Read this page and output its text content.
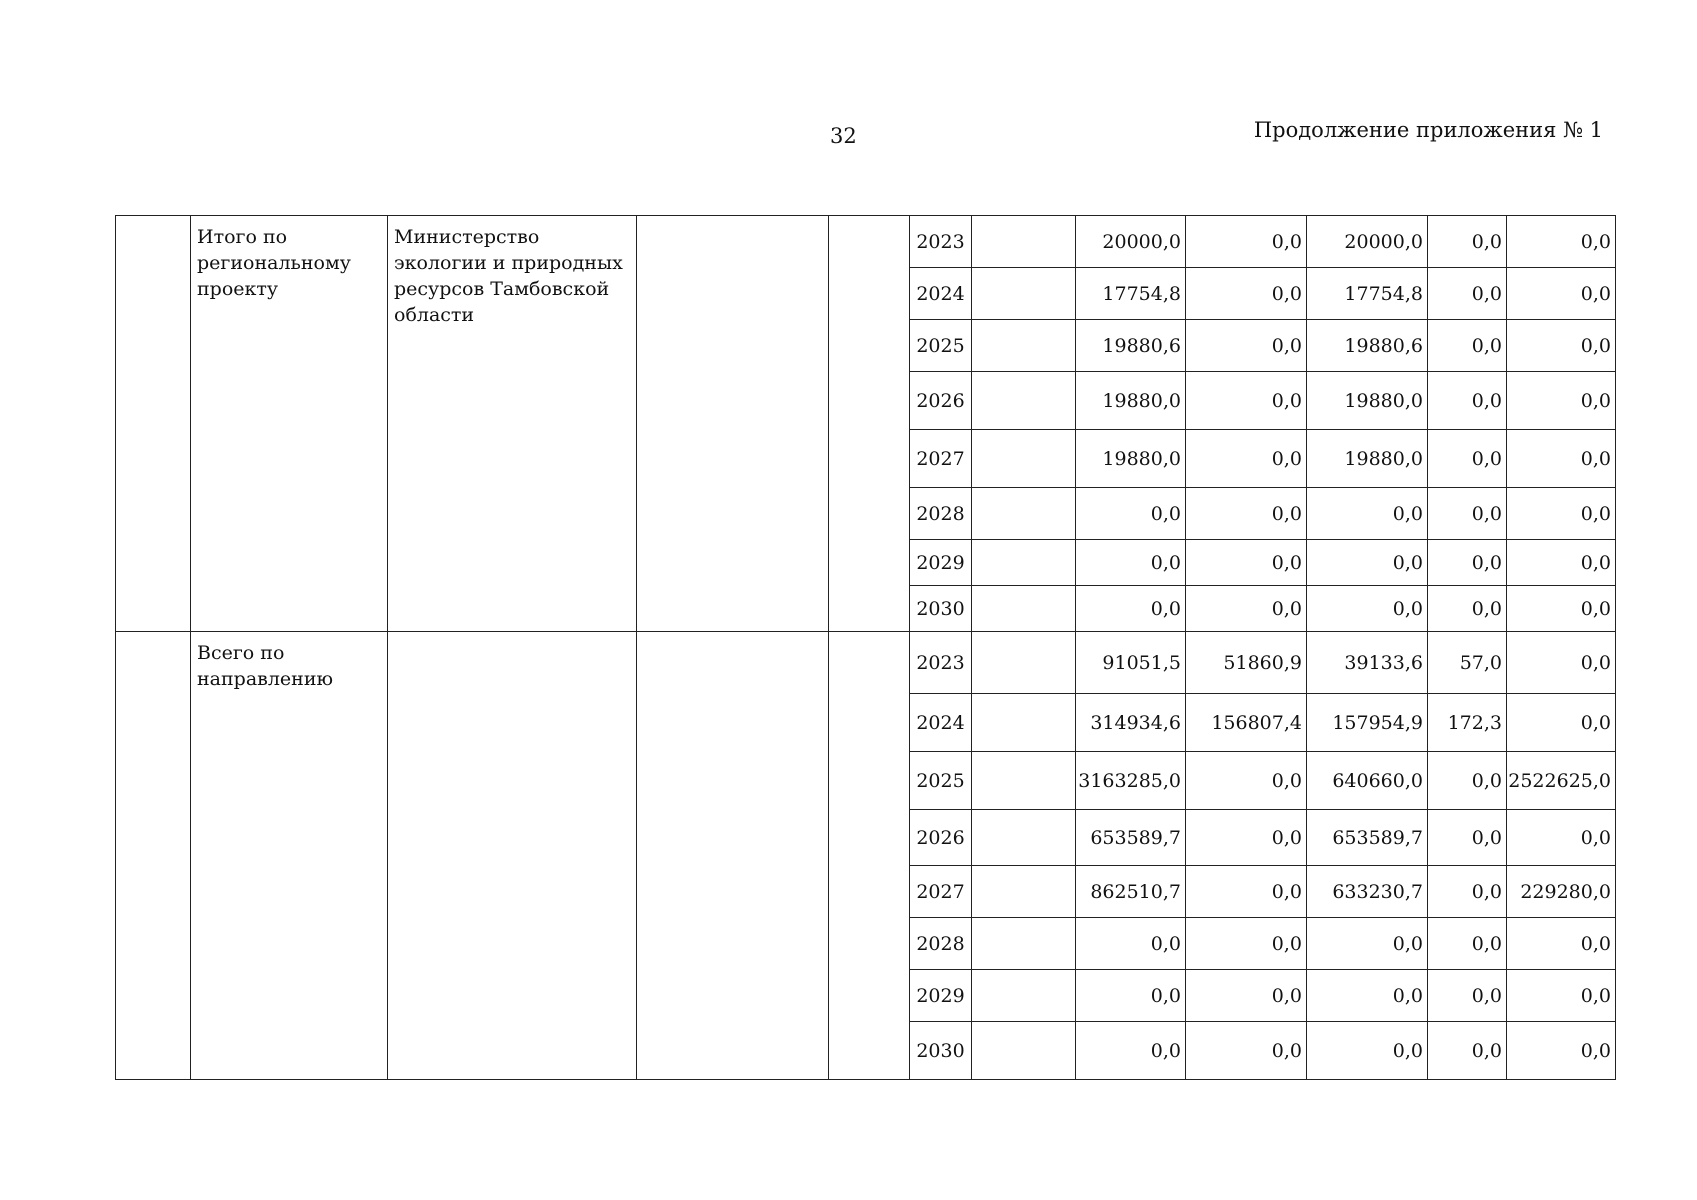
32	Продолжение приложения № 1
	Итого по региональному проекту	Министерство экологии и природных ресурсов Тамбовской области			2023		20000,0	0,0	20000,0	0,0	0,0
					2024		17754,8	0,0	17754,8	0,0	0,0
					2025		19880,6	0,0	19880,6	0,0	0,0
					2026		19880,0	0,0	19880,0	0,0	0,0
					2027		19880,0	0,0	19880,0	0,0	0,0
					2028		0,0	0,0	0,0	0,0	0,0
					2029		0,0	0,0	0,0	0,0	0,0
					2030		0,0	0,0	0,0	0,0	0,0
	Всего по направлению				2023		91051,5	51860,9	39133,6	57,0	0,0
					2024		314934,6	156807,4	157954,9	172,3	0,0
					2025		3163285,0	0,0	640660,0	0,0	2522625,0
					2026		653589,7	0,0	653589,7	0,0	0,0
					2027		862510,7	0,0	633230,7	0,0	229280,0
					2028		0,0	0,0	0,0	0,0	0,0
					2029		0,0	0,0	0,0	0,0	0,0
					2030		0,0	0,0	0,0	0,0	0,0
